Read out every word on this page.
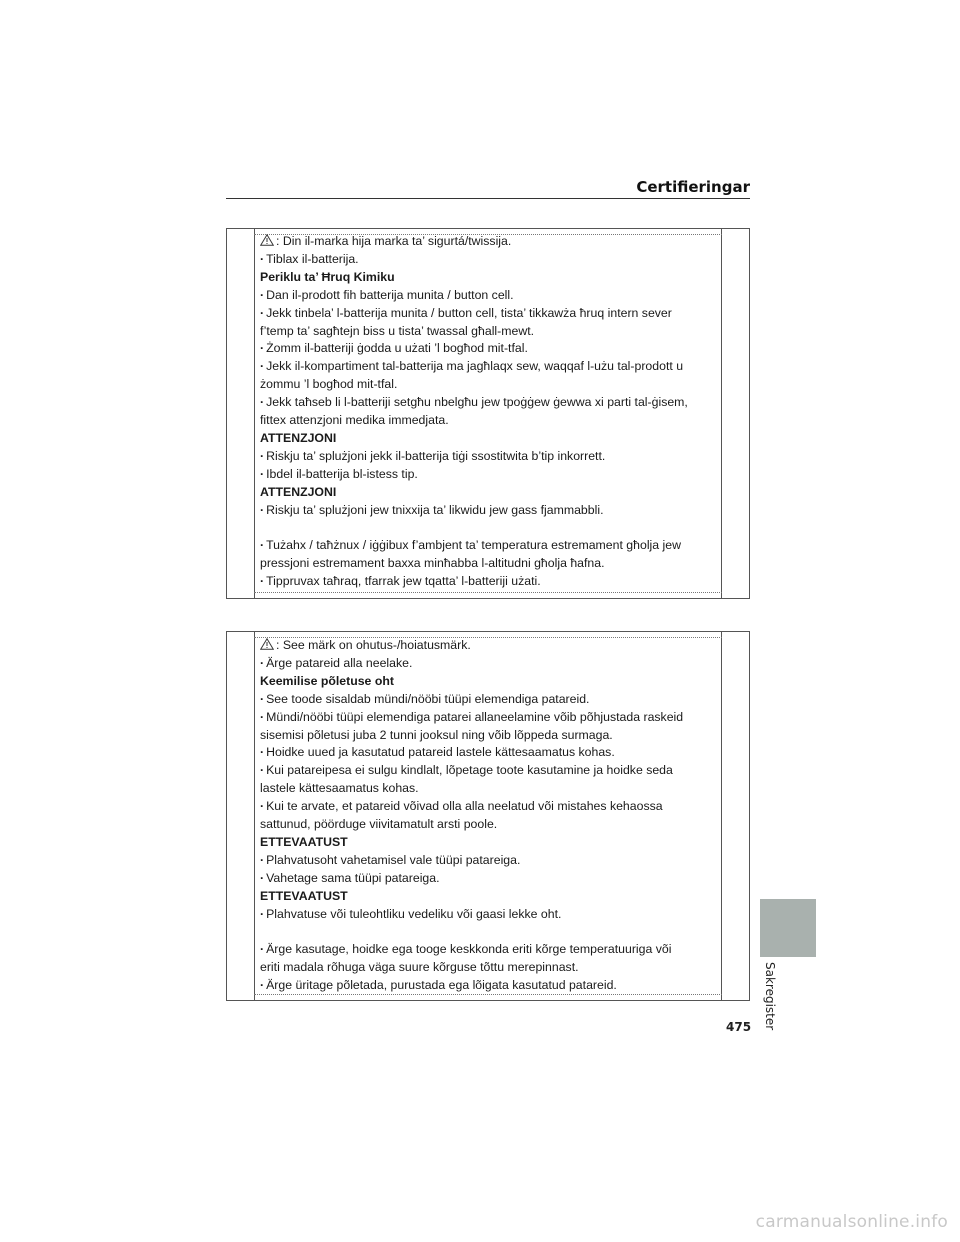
Certifieringar
: Din il-marka hija marka ta’ sigurtá/twissija.
· Tiblax il-batterija.
Periklu ta’ Ħruq Kimiku
· Dan il-prodott fih batterija munita / button cell.
· Jekk tinbela’ l-batterija munita / button cell, tista’ tikkawża ħruq intern sever
f’temp ta’ sagħtejn biss u tista’ twassal għall-mewt.
· Żomm il-batteriji ġodda u użati ’l bogħod mit-tfal.
· Jekk il-kompartiment tal-batterija ma jagħlaqx sew, waqqaf l-użu tal-prodott u
żommu ’l bogħod mit-tfal.
· Jekk taħseb li l-batteriji setgħu nbelgħu jew tpoġġew ġewwa xi parti tal-ġisem,
fittex attenzjoni medika immedjata.
ATTENZJONI
· Riskju ta’ splużjoni jekk il-batterija tiġi ssostitwita b’tip inkorrett.
· Ibdel il-batterija bl-istess tip.
ATTENZJONI
· Riskju ta’ splużjoni jew tnixxija ta’ likwidu jew gass fjammabbli.
· Tużahx / taħżnux / iġġibux f’ambjent ta’ temperatura estremament għolja jew
pressjoni estremament baxxa minħabba l-altitudni għolja ħafna.
· Tippruvax taħraq, tfarrak jew tqatta’ l-batteriji użati.
: See märk on ohutus-/hoiatusmärk.
· Ärge patareid alla neelake.
Keemilise põletuse oht
· See toode sisaldab mündi/nööbi tüüpi elemendiga patareid.
· Mündi/nööbi tüüpi elemendiga patarei allaneelamine võib põhjustada raskeid
sisemisi põletusi juba 2 tunni jooksul ning võib lõppeda surmaga.
· Hoidke uued ja kasutatud patareid lastele kättesaamatus kohas.
· Kui patareipesa ei sulgu kindlalt, lõpetage toote kasutamine ja hoidke seda
lastele kättesaamatus kohas.
· Kui te arvate, et patareid võivad olla alla neelatud või mistahes kehaossa
sattunud, pöörduge viivitamatult arsti poole.
ETTEVAATUST
· Plahvatusoht vahetamisel vale tüüpi patareiga.
· Vahetage sama tüüpi patareiga.
ETTEVAATUST
· Plahvatuse või tuleohtliku vedeliku või gaasi lekke oht.
· Ärge kasutage, hoidke ega tooge keskkonda eriti kõrge temperatuuriga või
eriti madala rõhuga väga suure kõrguse tõttu merepinnast.
· Ärge üritage põletada, purustada ega lõigata kasutatud patareid.	Sakregister
475
carmanualsonline.info
